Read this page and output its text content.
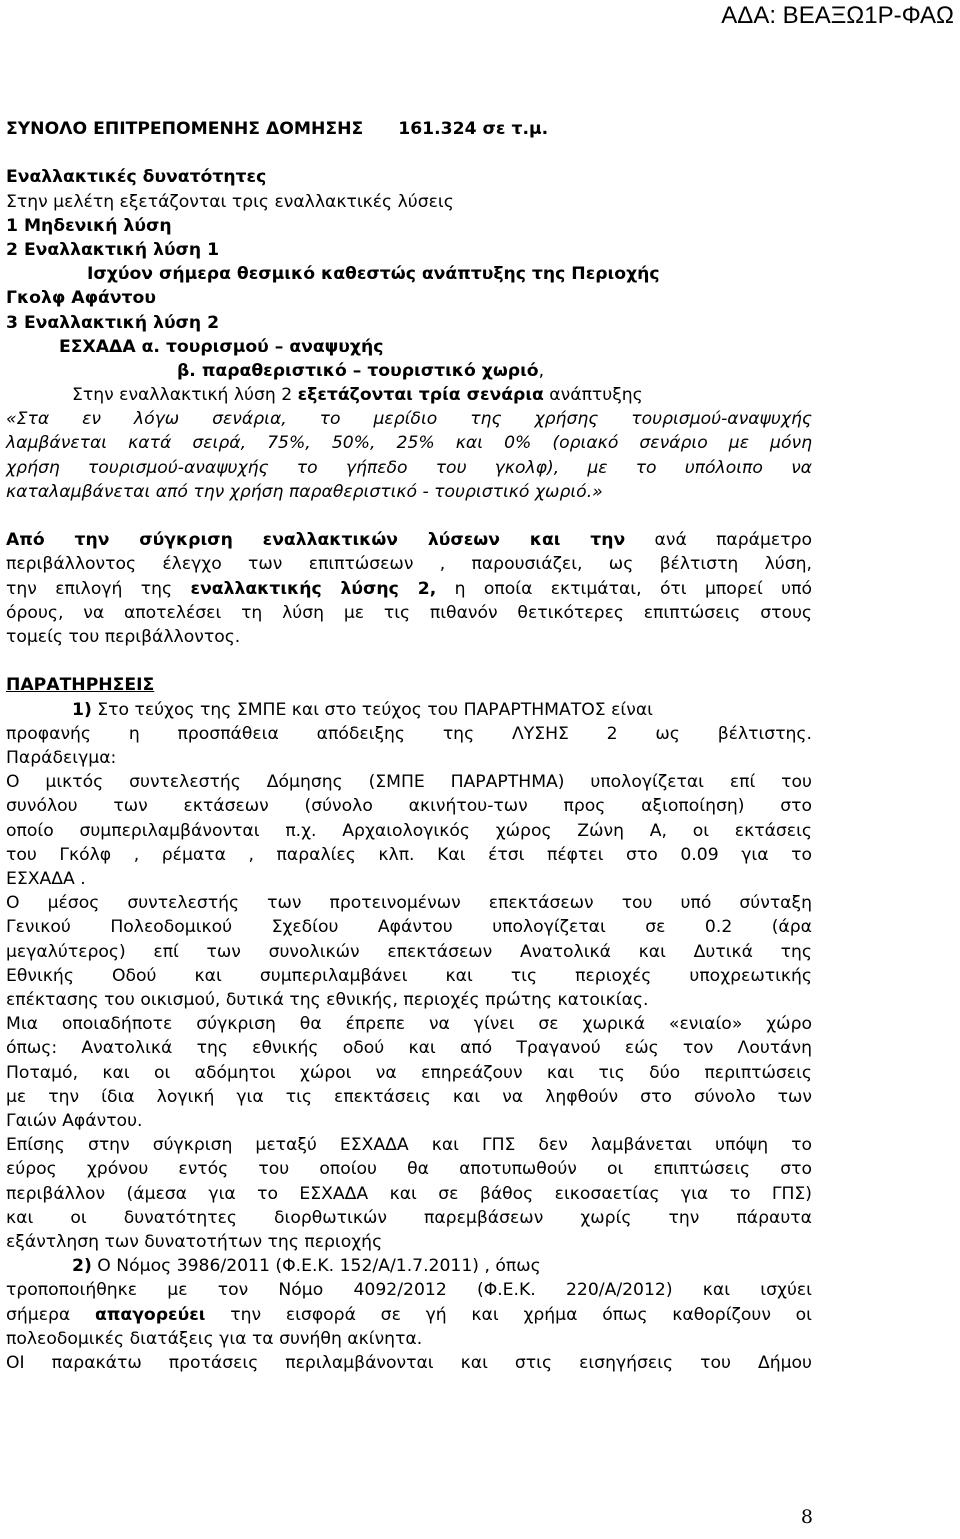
ΑΔΑ: ΒΕΑΞΩ1Ρ-ΦΑΩ
ΣΥΝΟΛΟ ΕΠΙΤΡΕΠΟΜΕΝΗΣ ΔΟΜΗΣΗΣ 161.324 σε τ.μ.
Εναλλακτικές δυνατότητες
Στην μελέτη εξετάζονται τρις εναλλακτικές λύσεις
1 Μηδενική λύση
2 Εναλλακτική λύση 1
Ισχύον σήμερα θεσμικό καθεστώς ανάπτυξης της Περιοχής
Γκολφ Αφάντου
3 Εναλλακτική λύση 2
ΕΣΧΑΔΑ α. τουρισμού – αναψυχής
β. παραθεριστικό – τουριστικό χωριό,
Στην εναλλακτική λύση 2 εξετάζονται τρία σενάρια ανάπτυξης
«Στα εν λόγω σενάρια, το μερίδιο της χρήσης τουρισμού-αναψυχής
λαμβάνεται κατά σειρά, 75%, 50%, 25% και 0% (οριακό σενάριο με μόνη
χρήση τουρισμού-αναψυχής το γήπεδο του γκολφ), με το υπόλοιπο να
καταλαμβάνεται από την χρήση παραθεριστικό - τουριστικό χωριό.»
Από την σύγκριση εναλλακτικών λύσεων και την ανά παράμετρο
περιβάλλοντος έλεγχο των επιπτώσεων , παρουσιάζει, ως βέλτιστη λύση,
την επιλογή της εναλλακτικής λύσης 2, η οποία εκτιμάται, ότι μπορεί υπό
όρους, να αποτελέσει τη λύση με τις πιθανόν θετικότερες επιπτώσεις στους
τομείς του περιβάλλοντος.
ΠΑΡΑΤΗΡΗΣΕΙΣ
1) Στο τεύχος της ΣΜΠΕ και στο τεύχος του ΠΑΡΑΡΤΗΜΑΤΟΣ είναι
προφανής η προσπάθεια απόδειξης της ΛΥΣΗΣ 2 ως βέλτιστης.
Παράδειγμα:
Ο μικτός συντελεστής Δόμησης (ΣΜΠΕ ΠΑΡΑΡΤΗΜΑ) υπολογίζεται επί του
συνόλου των εκτάσεων (σύνολο ακινήτου-των προς αξιοποίηση) στο
οποίο συμπεριλαμβάνονται π.χ. Αρχαιολογικός χώρος Ζώνη Α, οι εκτάσεις
του Γκόλφ , ρέματα , παραλίες κλπ. Και έτσι πέφτει στο 0.09 για το
ΕΣΧΑΔΑ .
Ο μέσος συντελεστής των προτεινομένων επεκτάσεων του υπό σύνταξη
Γενικού Πολεοδομικού Σχεδίου Αφάντου υπολογίζεται σε 0.2 (άρα
μεγαλύτερος) επί των συνολικών επεκτάσεων Ανατολικά και Δυτικά της
Εθνικής Οδού και συμπεριλαμβάνει και τις περιοχές υποχρεωτικής
επέκτασης του οικισμού, δυτικά της εθνικής, περιοχές πρώτης κατοικίας.
Μια οποιαδήποτε σύγκριση θα έπρεπε να γίνει σε χωρικά «ενιαίο» χώρο
όπως: Ανατολικά της εθνικής οδού και από Τραγανού εώς τον Λουτάνη
Ποταμό, και οι αδόμητοι χώροι να επηρεάζουν και τις δύο περιπτώσεις
με την ίδια λογική για τις επεκτάσεις και να ληφθούν στο σύνολο των
Γαιών Αφάντου.
Επίσης στην σύγκριση μεταξύ ΕΣΧΑΔΑ και ΓΠΣ δεν λαμβάνεται υπόψη το
εύρος χρόνου εντός του οποίου θα αποτυπωθούν οι επιπτώσεις στο
περιβάλλον (άμεσα για το ΕΣΧΑΔΑ και σε βάθος εικοσαετίας για το ΓΠΣ)
και οι δυνατότητες διορθωτικών παρεμβάσεων χωρίς την πάραυτα
εξάντληση των δυνατοτήτων της περιοχής
2) Ο Νόμος 3986/2011 (Φ.Ε.Κ. 152/Α/1.7.2011) , όπως
τροποποιήθηκε με τον Νόμο 4092/2012 (Φ.Ε.Κ. 220/Α/2012) και ισχύει
σήμερα απαγορεύει την εισφορά σε γή και χρήμα όπως καθορίζουν οι
πολεοδομικές διατάξεις για τα συνήθη ακίνητα.
ΟΙ παρακάτω προτάσεις περιλαμβάνονται και στις εισηγήσεις του Δήμου
8
